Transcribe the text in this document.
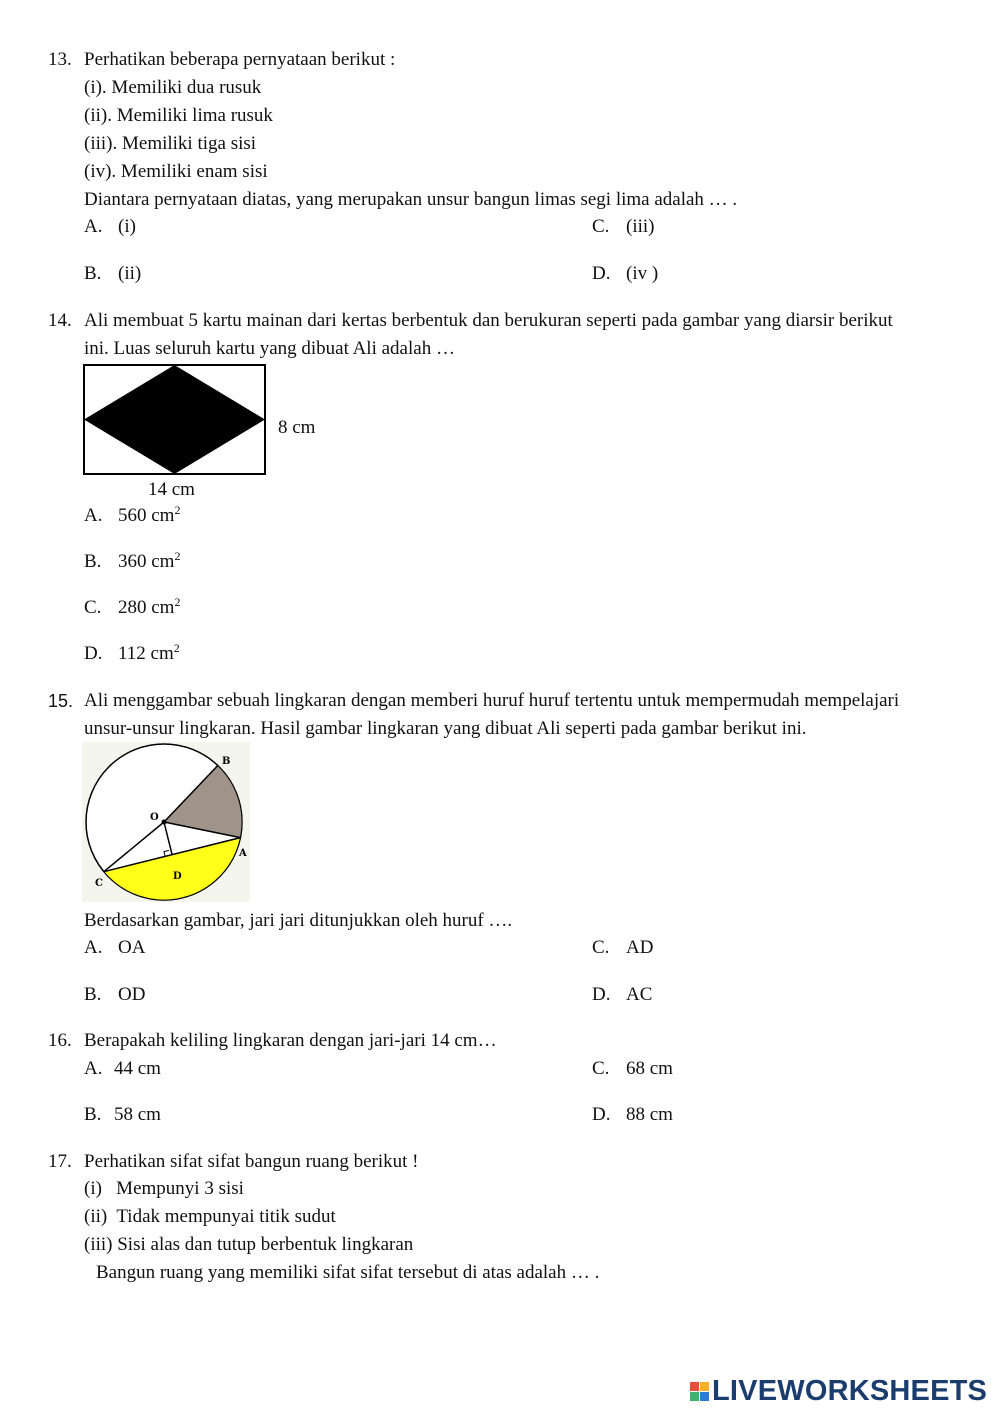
13. Perhatikan beberapa pernyataan berikut :
(i). Memiliki dua rusuk
(ii). Memiliki lima rusuk
(iii). Memiliki tiga sisi
(iv). Memiliki enam sisi
Diantara pernyataan diatas, yang merupakan unsur bangun limas segi lima adalah … .
A. (i)
B. (ii)
C. (iii)
D. (iv )
14. Ali membuat 5 kartu mainan dari kertas berbentuk dan berukuran seperti pada gambar yang diarsir berikut
ini. Luas seluruh kartu yang dibuat Ali adalah …
8 cm
14 cm
A. 560 $cm^2$
B. 360 $cm^2$
C. 280 $cm^2$
D. 112 $cm^2$
15. Ali menggambar sebuah lingkaran dengan memberi huruf huruf tertentu untuk mempermudah mempelajari
unsur-unsur lingkaran. Hasil gambar lingkaran yang dibuat Ali seperti pada gambar berikut ini.
O
B
A
C
D
Berdasarkan gambar, jari jari ditunjukkan oleh huruf ….
A. OA
B. OD
C. AD
D. AC
16. Berapakah keliling lingkaran dengan jari-jari 14 cm…
A. 44 cm
B. 58 cm
C. 68 cm
D. 88 cm
17. Perhatikan sifat sifat bangun ruang berikut !
(i)   Mempunyi 3 sisi
(ii)  Tidak mempunyai titik sudut
(iii) Sisi alas dan tutup berbentuk lingkaran
Bangun ruang yang memiliki sifat sifat tersebut di atas adalah … .
LIVEWORKSHEETS
